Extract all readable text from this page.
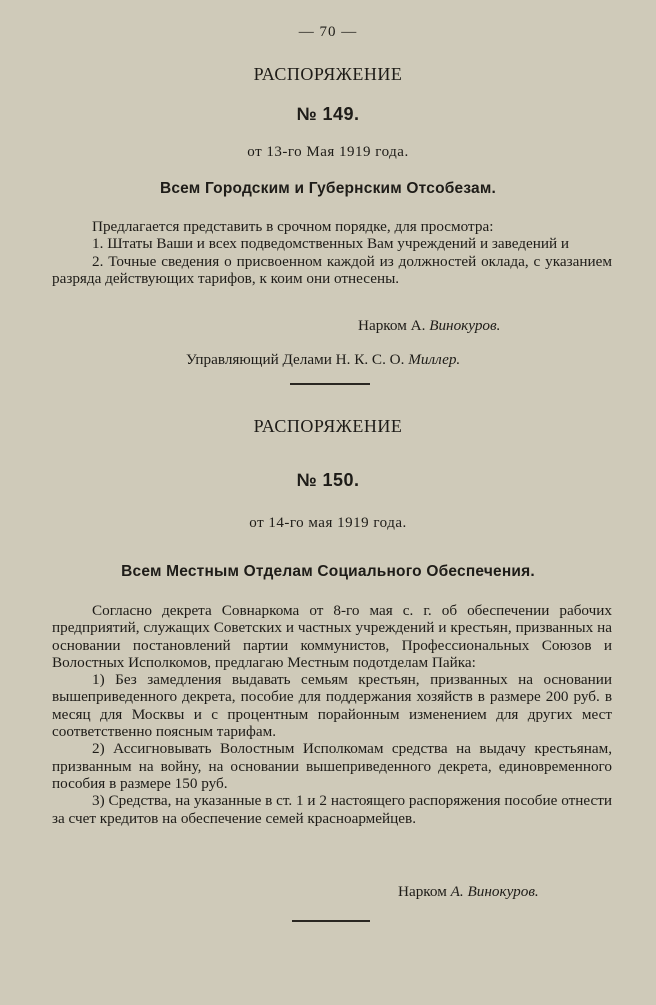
— 70 —
РАСПОРЯЖЕНИЕ
№ 149.
от 13-го Мая 1919 года.
Всем Городским и Губернским Отсобезам.

Предлагается представить в срочном порядке, для просмотра:

1. Штаты Ваши и всех подведомственных Вам учреждений и заведений и

2. Точные сведения о присвоенном каждой из должностей оклада, с указанием разряда действующих тарифов, к коим они отнесены.

Нарком А. Винокуров.
Управляющий Делами Н. К. С. О. Миллер.
РАСПОРЯЖЕНИЕ
№ 150.
от 14-го мая 1919 года.
Всем Местным Отделам Социального Обеспечения.

Согласно декрета Совнаркома от 8-го мая с. г. об обеспечении рабочих предприятий, служащих Советских и частных учреждений и крестьян, призванных на основании постановлений партии коммунистов, Профессиональных Союзов и Волостных Исполкомов, предлагаю Местным подотделам Пайка:

1) Без замедления выдавать семьям крестьян, призванных на основании вышеприведенного декрета, пособие для поддержания хозяйств в размере 200 руб. в месяц для Москвы и с процентным порайонным изменением для других мест соответственно поясным тарифам.

2) Ассигновывать Волостным Исполкомам средства на выдачу крестьянам, призванным на войну, на основании вышеприведенного декрета, единовременного пособия в размере 150 руб.

3) Средства, на указанные в ст. 1 и 2 настоящего распоряжения пособие отнести за счет кредитов на обеспечение семей красноармейцев.

Нарком А. Винокуров.
